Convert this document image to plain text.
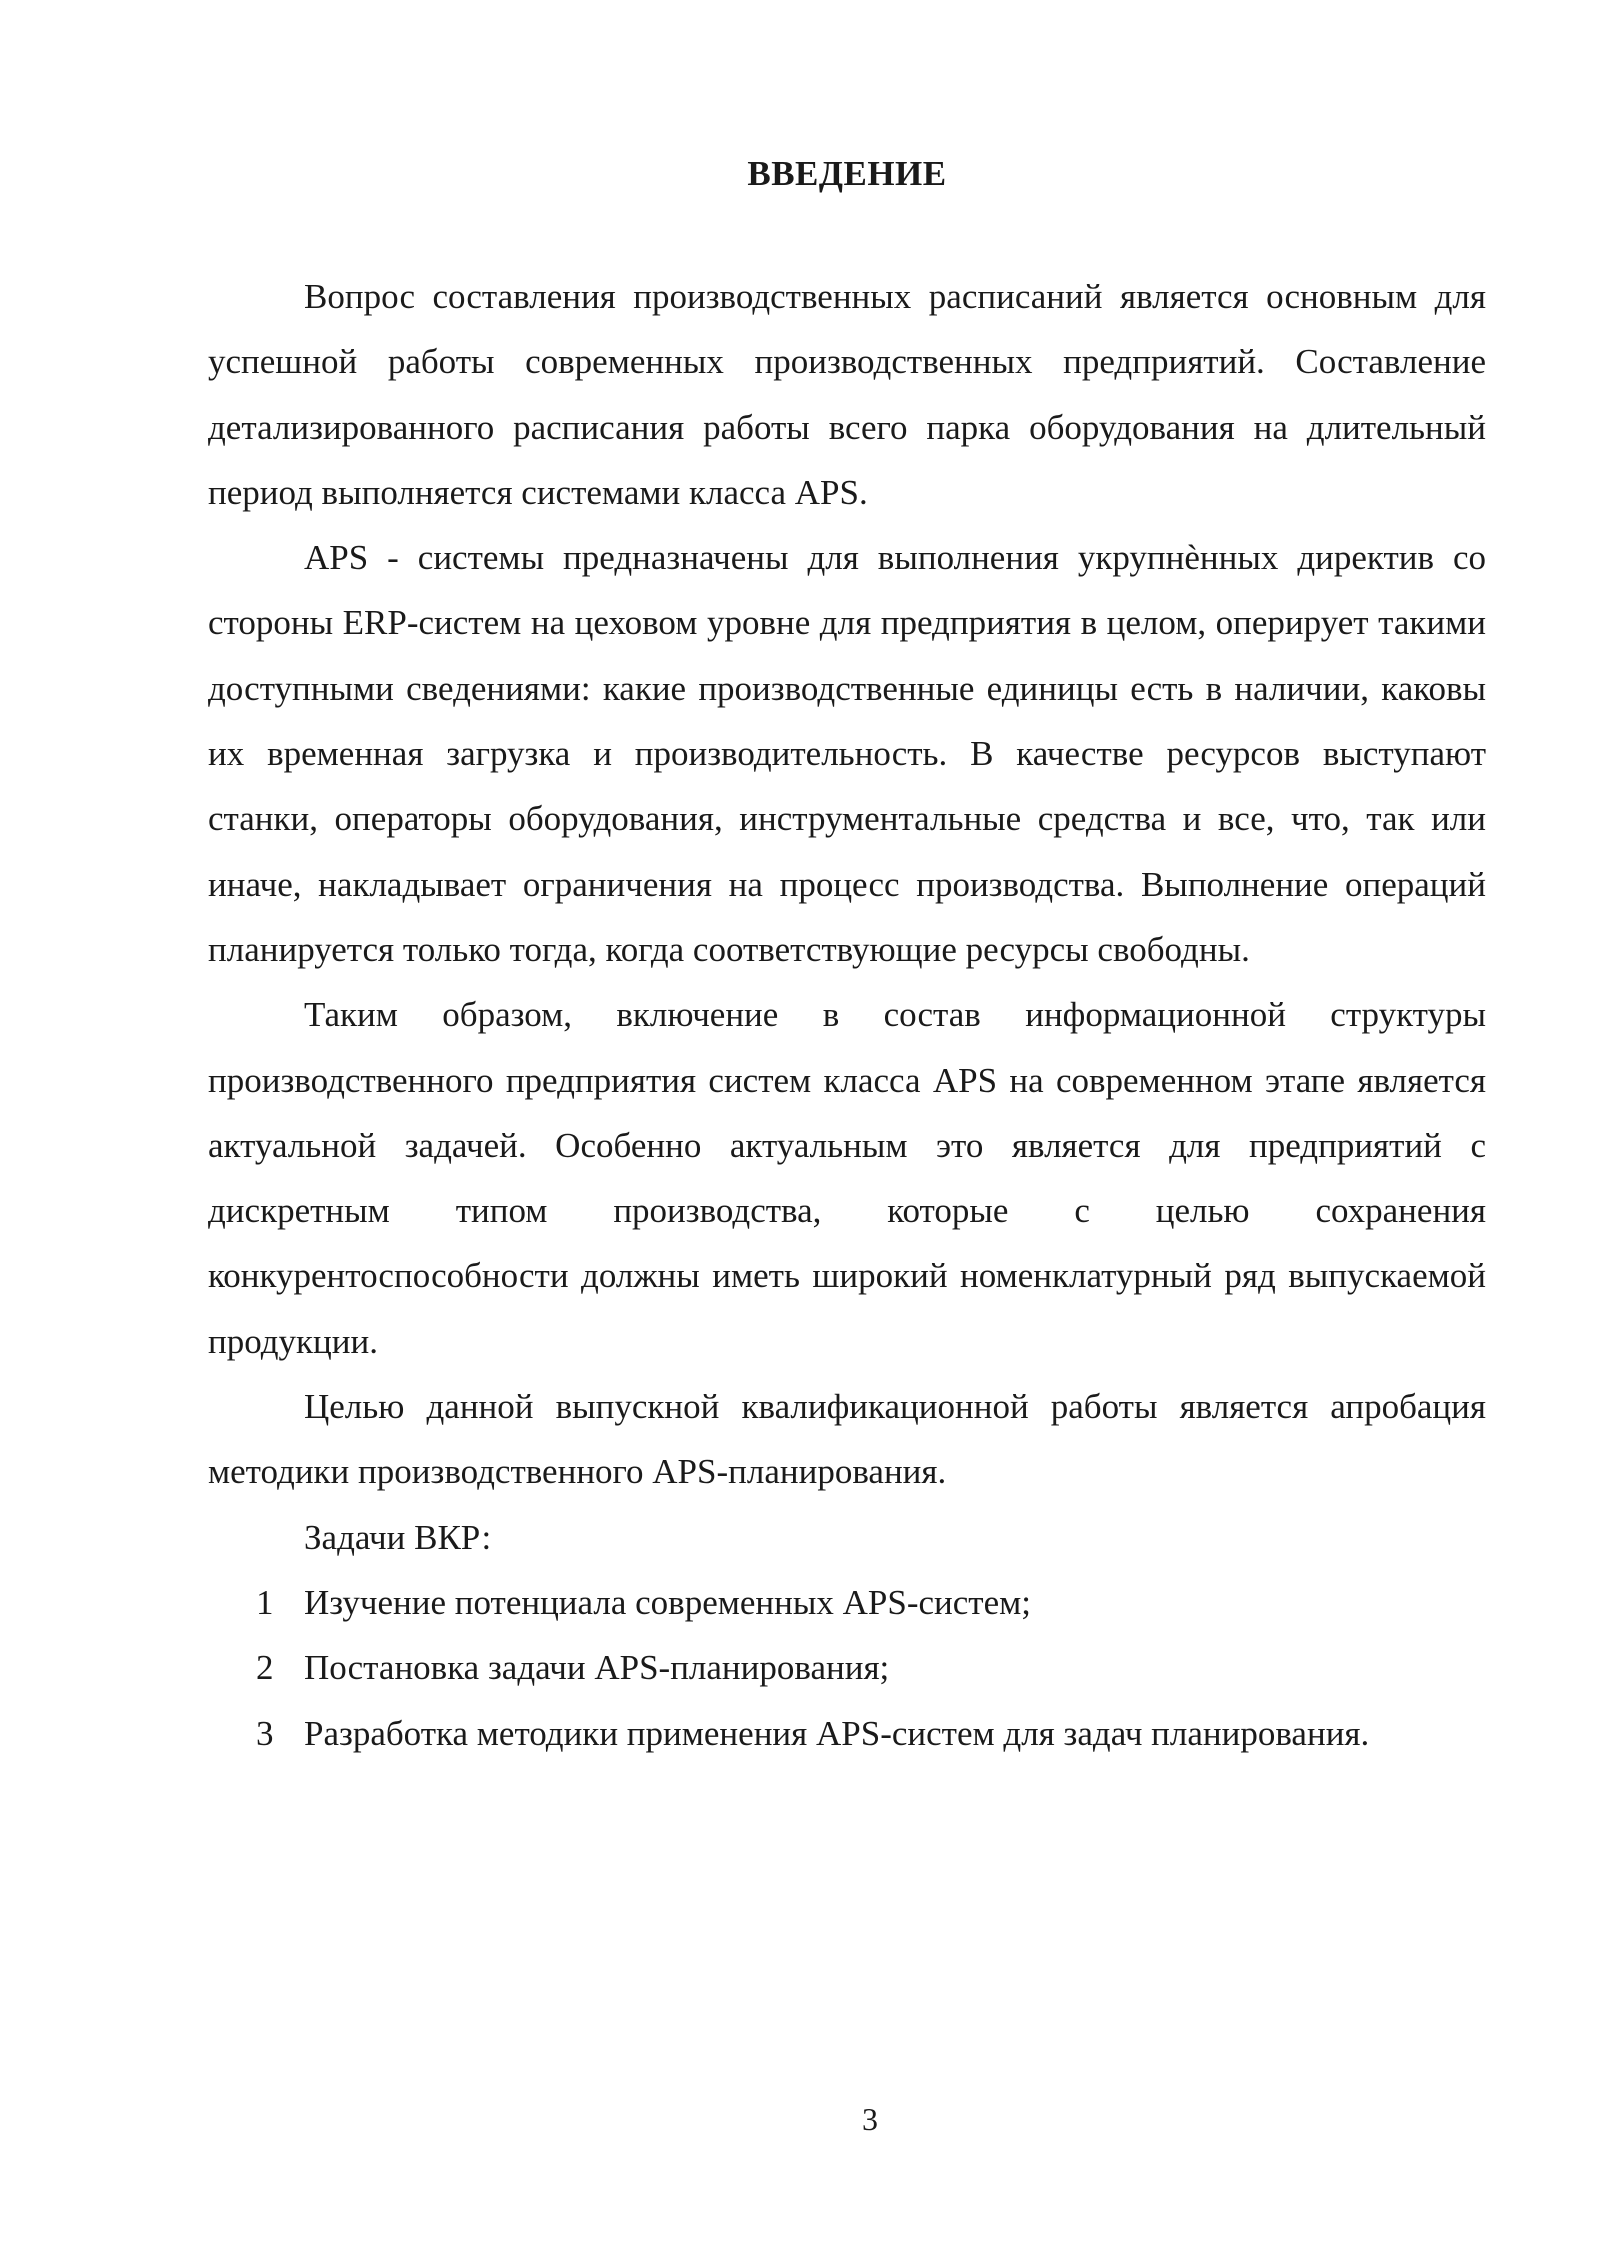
ВВЕДЕНИЕ

Вопрос составления производственных расписаний является основным для успешной работы современных производственных предприятий. Составление детализированного расписания работы всего парка оборудования на длительный период выполняется системами класса APS.

APS - системы предназначены для выполнения укрупнѐнных директив со стороны ERP-систем на цеховом уровне для предприятия в целом, оперирует такими доступными сведениями: какие производственные единицы есть в наличии, каковы их временная загрузка и производительность. В качестве ресурсов выступают станки, операторы оборудования, инструментальные средства и все, что, так или иначе, накладывает ограничения на процесс производства. Выполнение операций планируется только тогда, когда соответствующие ресурсы свободны.

Таким образом, включение в состав информационной структуры производственного предприятия систем класса APS на современном этапе является актуальной задачей. Особенно актуальным это является для предприятий с дискретным типом производства, которые с целью сохранения конкурентоспособности должны иметь широкий номенклатурный ряд выпускаемой продукции.

Целью данной выпускной квалификационной работы является апробация методики производственного APS-планирования.

Задачи ВКР:

1 Изучение потенциала современных APS-систем;
2 Постановка задачи APS-планирования;
3 Разработка методики применения APS-систем для задач планирования.
3
